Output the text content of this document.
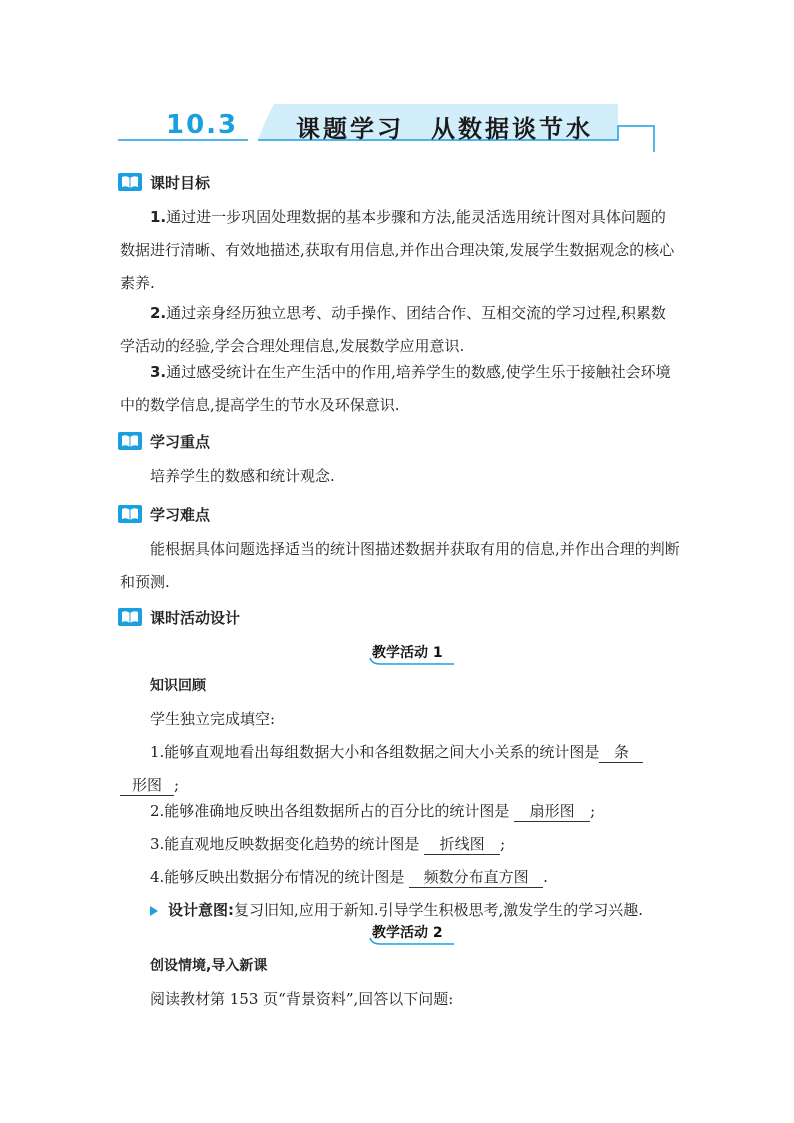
10.3 课题学习　从数据谈节水
课时目标
1.通过进一步巩固处理数据的基本步骤和方法,能灵活选用统计图对具体问题的数据进行清晰、有效地描述,获取有用信息,并作出合理决策,发展学生数据观念的核心素养.
2.通过亲身经历独立思考、动手操作、团结合作、互相交流的学习过程,积累数学活动的经验,学会合理处理信息,发展数学应用意识.
3.通过感受统计在生产生活中的作用,培养学生的数感,使学生乐于接触社会环境中的数学信息,提高学生的节水及环保意识.
学习重点
培养学生的数感和统计观念.
学习难点
能根据具体问题选择适当的统计图描述数据并获取有用的信息,并作出合理的判断和预测.
课时活动设计
教学活动 1
知识回顾
学生独立完成填空:
1.能够直观地看出每组数据大小和各组数据之间大小关系的统计图是 条形图 ;
2.能够准确地反映出各组数据所占的百分比的统计图是 扇形图 ;
3.能直观地反映数据变化趋势的统计图是 折线图 ;
4.能够反映出数据分布情况的统计图是 频数分布直方图 .
设计意图:复习旧知,应用于新知.引导学生积极思考,激发学生的学习兴趣.
教学活动 2
创设情境,导入新课
阅读教材第 153 页“背景资料”,回答以下问题:
